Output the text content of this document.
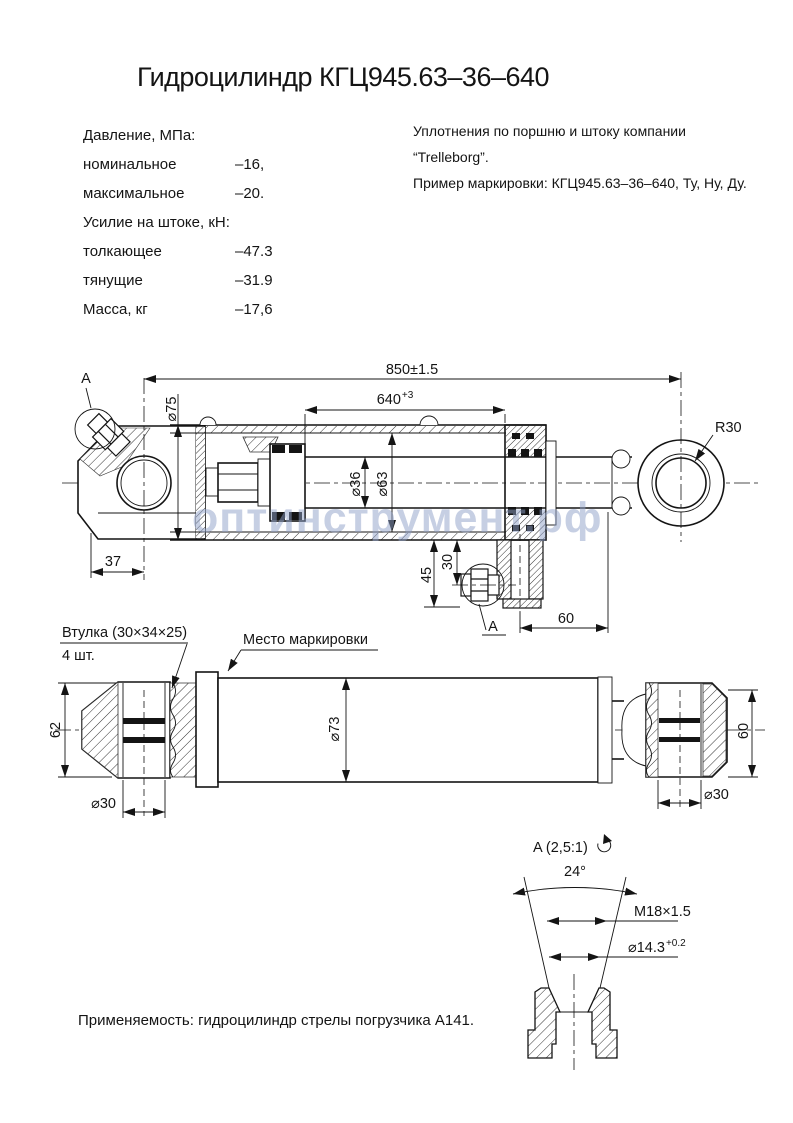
Гидроцилиндр КГЦ945.63–36–640
Давление, МПа:
номинальное	–16,
максимальное	–20.
Усилие на штоке, кН:
толкающее	–47.3
тянущие	–31.9
Масса, кг	–17,6
Уплотнения по поршню и штоку компании
“Trelleborg”.
Пример маркировки: КГЦ945.63–36–640, Ту, Ну, Ду.
A
A
850±1.5
$640^{+3}$
⌀75
⌀36 ⌀63
R30
37
45
30
60
Втулка (30×34×25)
4 шт.
Место маркировки
62
⌀30
⌀73	60
⌀30
A (2,5:1)
24°
M18×1.5
$⌀14.3^{+0.2}$
оптинструмент.рф
Применяемость: гидроцилиндр стрелы погрузчика А141.
